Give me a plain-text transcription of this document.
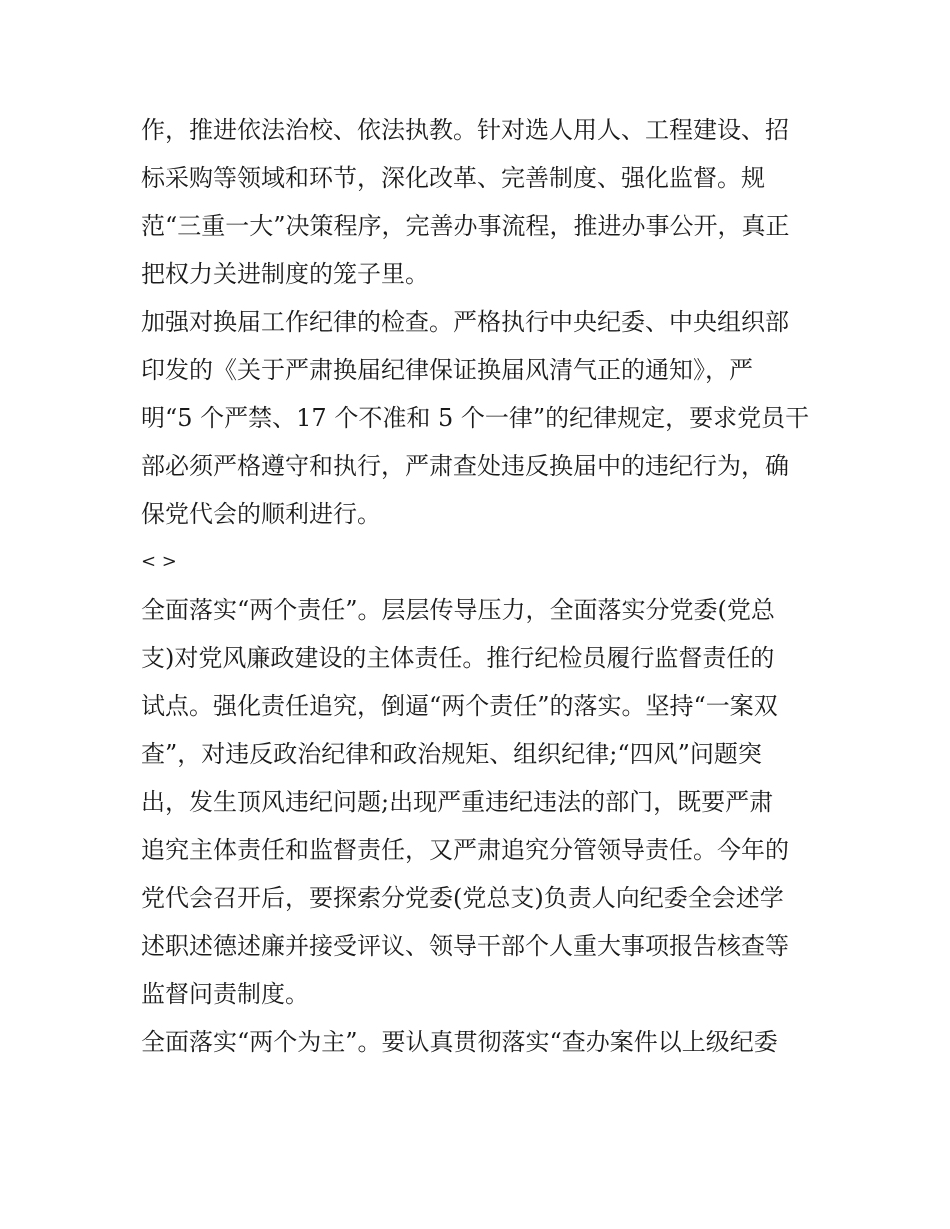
作，推进依法治校、依法执教。针对选人用人、工程建设、招
标采购等领域和环节，深化改革、完善制度、强化监督。规
范“三重一大”决策程序，完善办事流程，推进办事公开，真正
把权力关进制度的笼子里。
加强对换届工作纪律的检查。严格执行中央纪委、中央组织部
印发的《关于严肃换届纪律保证换届风清气正的通知》，严
明“5 个严禁、17 个不准和 5 个一律”的纪律规定，要求党员干
部必须严格遵守和执行，严肃查处违反换届中的违纪行为，确
保党代会的顺利进行。
< >
全面落实“两个责任”。层层传导压力，全面落实分党委(党总
支)对党风廉政建设的主体责任。推行纪检员履行监督责任的
试点。强化责任追究，倒逼“两个责任”的落实。坚持“一案双
查”，对违反政治纪律和政治规矩、组织纪律;“四风”问题突
出，发生顶风违纪问题;出现严重违纪违法的部门，既要严肃
追究主体责任和监督责任，又严肃追究分管领导责任。今年的
党代会召开后，要探索分党委(党总支)负责人向纪委全会述学
述职述德述廉并接受评议、领导干部个人重大事项报告核查等
监督问责制度。
全面落实“两个为主”。要认真贯彻落实“查办案件以上级纪委
